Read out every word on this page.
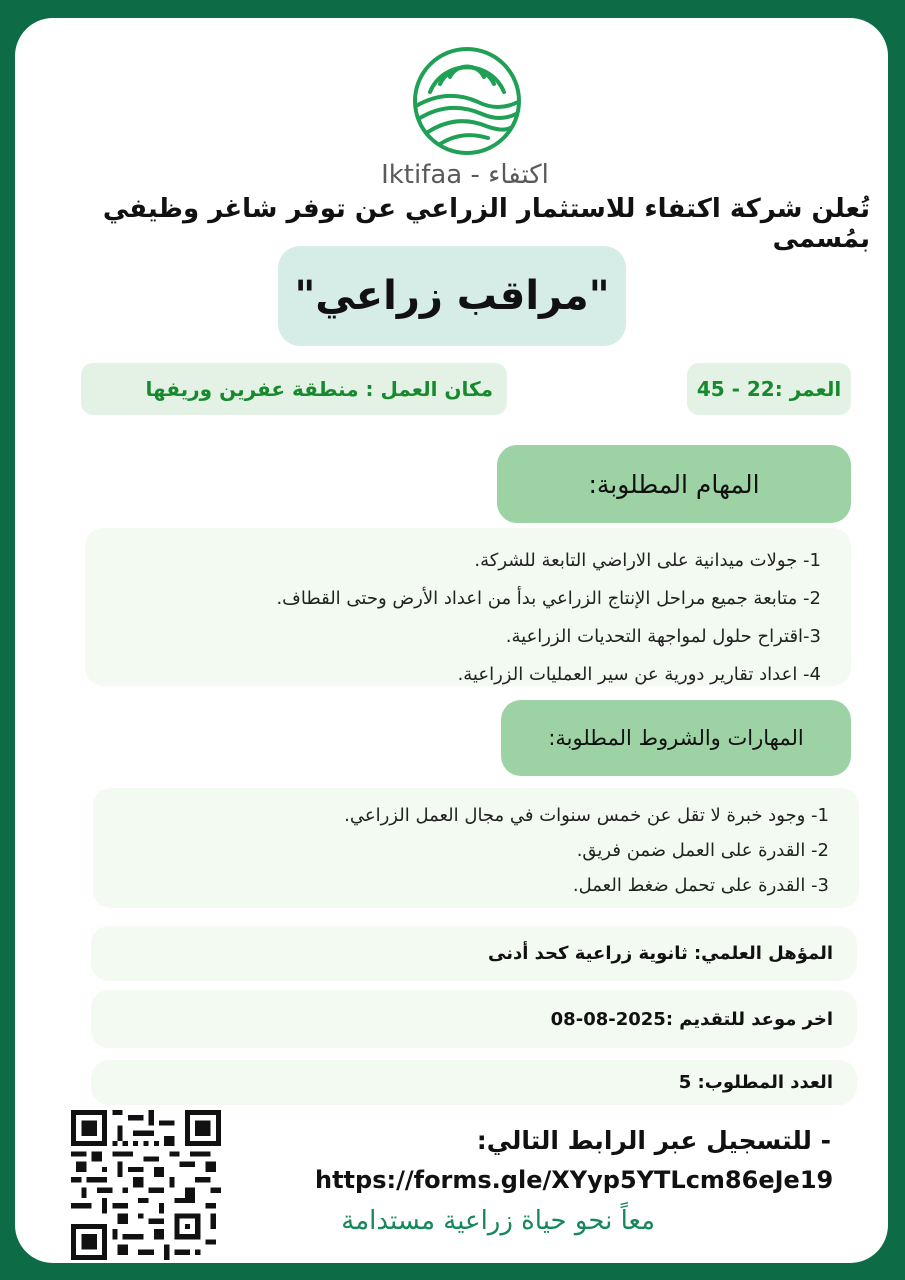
Iktifaa - اكتفاء
تُعلن شركة اكتفاء للاستثمار الزراعي عن توفر شاغر وظيفي بمُسمى
"مراقب زراعي"
مكان العمل : منطقة عفرين وريفها	العمر :22 - 45
المهام المطلوبة:
1- جولات ميدانية على الاراضي التابعة للشركة.
2- متابعة جميع مراحل الإنتاج الزراعي بدأ من اعداد الأرض وحتى القطاف.
3-اقتراح حلول لمواجهة التحديات الزراعية.
4- اعداد تقارير دورية عن سير العمليات الزراعية.
المهارات والشروط المطلوبة:
1- وجود خبرة لا تقل عن خمس سنوات في مجال العمل الزراعي.
2- القدرة على العمل ضمن فريق.
3- القدرة على تحمل ضغط العمل.
المؤهل العلمي: ثانوية زراعية كحد أدنى
اخر موعد للتقديم :2025-08-08
العدد المطلوب: 5
- للتسجيل عبر الرابط التالي:
https://forms.gle/XYyp5YTLcm86eJe19
معاً نحو حياة زراعية مستدامة
